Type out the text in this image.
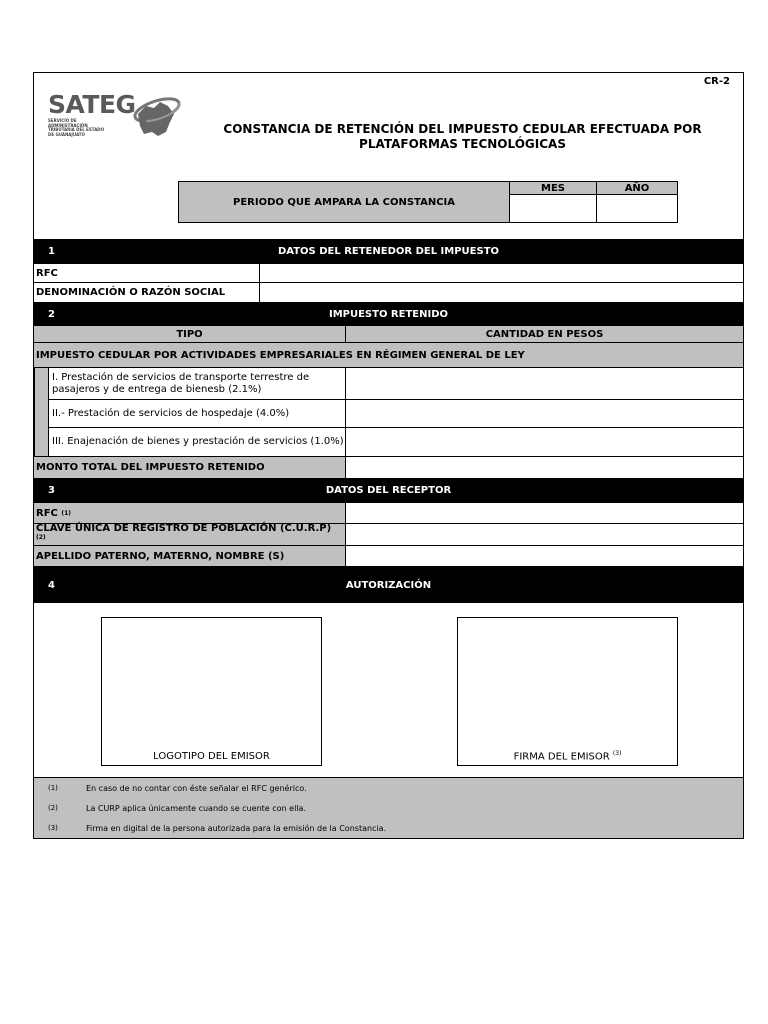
CR-2
SATEG
SERVICIO DE
ADMINISTRACIÓN
TRIBUTARIA DEL ESTADO
DE GUANAJUATO	CONSTANCIA DE RETENCIÓN DEL IMPUESTO CEDULAR EFECTUADA POR PLATAFORMAS TECNOLÓGICAS
PERIODO QUE AMPARA LA CONSTANCIA
MES	AÑO
1	DATOS DEL RETENEDOR DEL IMPUESTO
RFC
DENOMINACIÓN O RAZÓN SOCIAL
2	IMPUESTO RETENIDO
TIPO	CANTIDAD EN PESOS
IMPUESTO CEDULAR POR ACTIVIDADES EMPRESARIALES EN RÉGIMEN GENERAL DE LEY
I. Prestación de servicios de transporte terrestre de pasajeros y de entrega de bienesb (2.1%)
II.- Prestación de servicios de hospedaje (4.0%)
III. Enajenación de bienes y prestación de servicios (1.0%)
MONTO TOTAL DEL IMPUESTO RETENIDO
3	DATOS DEL RECEPTOR
RFC
(1)
CLAVE ÚNICA DE REGISTRO DE POBLACIÓN (C.U.R.P)
(2)
APELLIDO PATERNO, MATERNO, NOMBRE (S)
4	AUTORIZACIÓN
LOGOTIPO DEL EMISOR	FIRMA DEL EMISOR $^{(3)}$
(1)	En caso de no contar con éste señalar el RFC genérico.
(2)	La CURP aplica únicamente cuando se cuente con ella.
(3)	Firma en digital de la persona autorizada para la emisión de la Constancia.
